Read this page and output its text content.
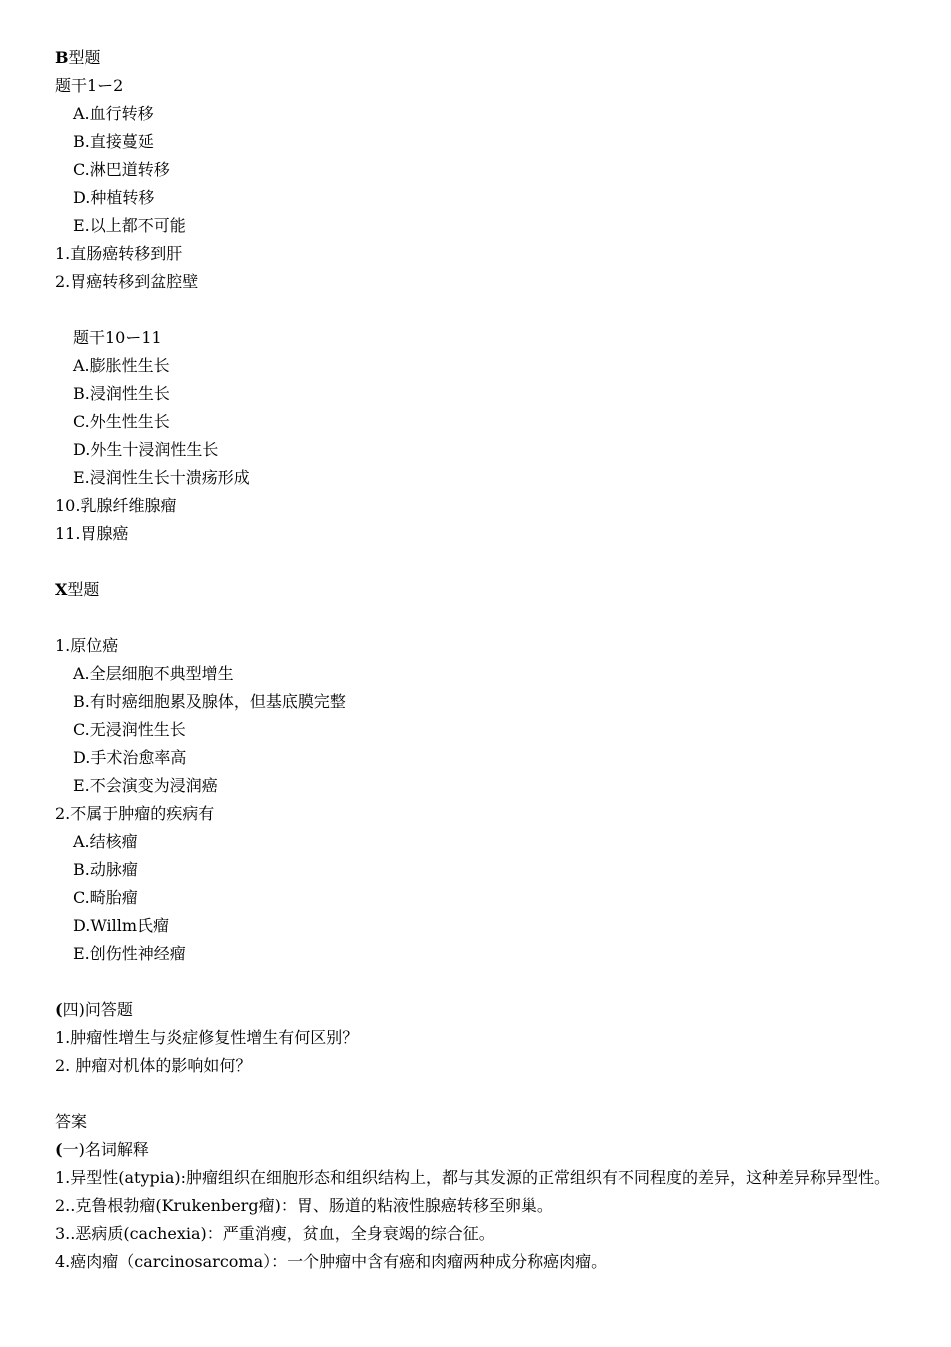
B型题
题干1ー2
A.血行转移
B.直接蔓延
C.淋巴道转移
D.种植转移
E.以上都不可能
1.直肠癌转移到肝
2.胃癌转移到盆腔壁
题干10ー11
A.膨胀性生长
B.浸润性生长
C.外生性生长
D.外生十浸润性生长
E.浸润性生长十溃疡形成
10.乳腺纤维腺瘤
11.胃腺癌
X型题
1.原位癌
A.全层细胞不典型增生
B.有时癌细胞累及腺体，但基底膜完整
C.无浸润性生长
D.手术治愈率高
E.不会演变为浸润癌
2.不属于肿瘤的疾病有
A.结核瘤
B.动脉瘤
C.畸胎瘤
D.Willm氏瘤
E.创伤性神经瘤
(四)问答题
1.肿瘤性增生与炎症修复性增生有何区别？
2. 肿瘤对机体的影响如何？
答案
(一)名词解释
1.异型性(atypia):肿瘤组织在细胞形态和组织结构上，都与其发源的正常组织有不同程度的差异，这种差异称异型性。
2..克鲁根勃瘤(Krukenberg瘤)：胃、肠道的粘液性腺癌转移至卵巢。
3..恶病质(cachexia)：严重消瘦，贫血，全身衰竭的综合征。
4.癌肉瘤（carcinosarcoma）：一个肿瘤中含有癌和肉瘤两种成分称癌肉瘤。
